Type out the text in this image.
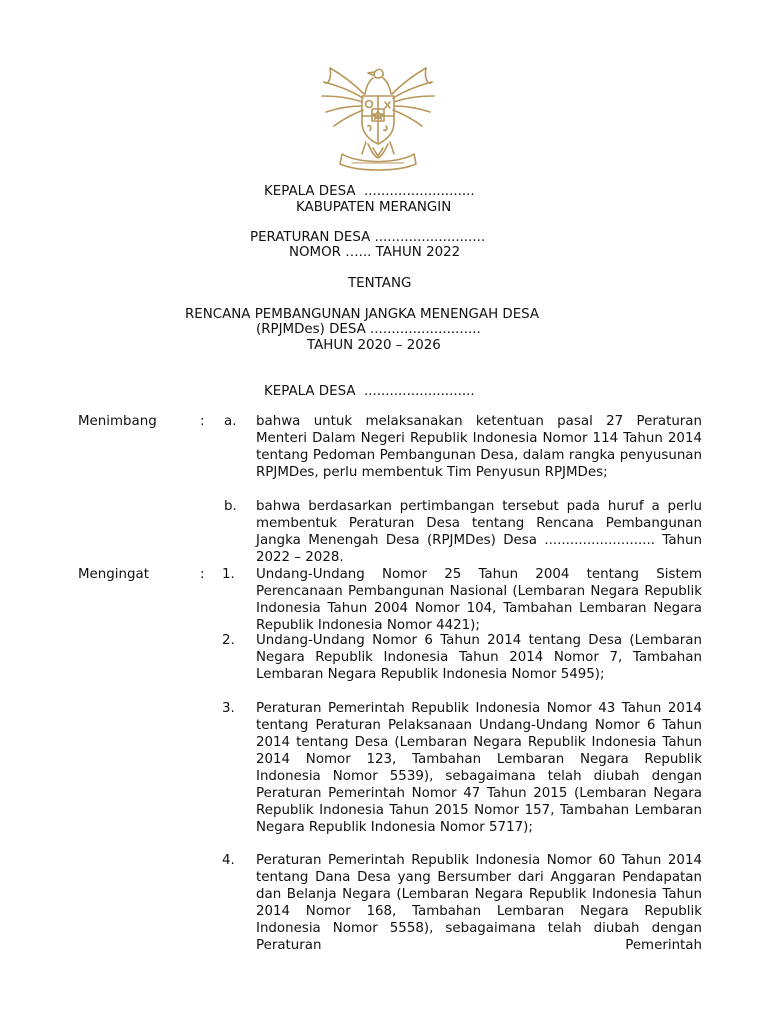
KEPALA DESA  ..........................
KABUPATEN MERANGIN
PERATURAN DESA ..........................
NOMOR …... TAHUN 2022
TENTANG
RENCANA PEMBANGUNAN JANGKA MENENGAH DESA
(RPJMDes) DESA ..........................
TAHUN 2020 – 2026
KEPALA DESA  ..........................
Menimbang	: a. bahwa untuk melaksanakan ketentuan pasal 27 Peraturan Menteri Dalam Negeri Republik Indonesia Nomor 114 Tahun 2014 tentang Pedoman Pembangunan Desa, dalam rangka penyusunan RPJMDes, perlu membentuk Tim Penyusun RPJMDes;
b. bahwa berdasarkan pertimbangan tersebut pada huruf a perlu membentuk Peraturan Desa tentang Rencana Pembangunan Jangka Menengah Desa (RPJMDes) Desa .......................... Tahun 2022 – 2028.
Mengingat	: 1. Undang-Undang Nomor 25 Tahun 2004 tentang Sistem Perencanaan Pembangunan Nasional (Lembaran Negara Republik Indonesia Tahun 2004 Nomor 104, Tambahan Lembaran Negara Republik Indonesia Nomor 4421);
2. Undang-Undang Nomor 6 Tahun 2014 tentang Desa (Lembaran Negara Republik Indonesia Tahun 2014 Nomor 7, Tambahan Lembaran Negara Republik Indonesia Nomor 5495);
3. Peraturan Pemerintah Republik Indonesia Nomor 43 Tahun 2014 tentang Peraturan Pelaksanaan Undang-Undang Nomor 6 Tahun 2014 tentang Desa (Lembaran Negara Republik Indonesia Tahun 2014 Nomor 123, Tambahan Lembaran Negara Republik Indonesia Nomor 5539), sebagaimana telah diubah dengan Peraturan Pemerintah Nomor 47 Tahun 2015 (Lembaran Negara Republik Indonesia Tahun 2015 Nomor 157, Tambahan Lembaran Negara Republik Indonesia Nomor 5717);
4. Peraturan Pemerintah Republik Indonesia Nomor 60 Tahun 2014 tentang Dana Desa yang Bersumber dari Anggaran Pendapatan dan Belanja Negara (Lembaran Negara Republik Indonesia Tahun 2014 Nomor 168, Tambahan Lembaran Negara Republik Indonesia Nomor 5558), sebagaimana telah diubah dengan Peraturan Pemerintah
